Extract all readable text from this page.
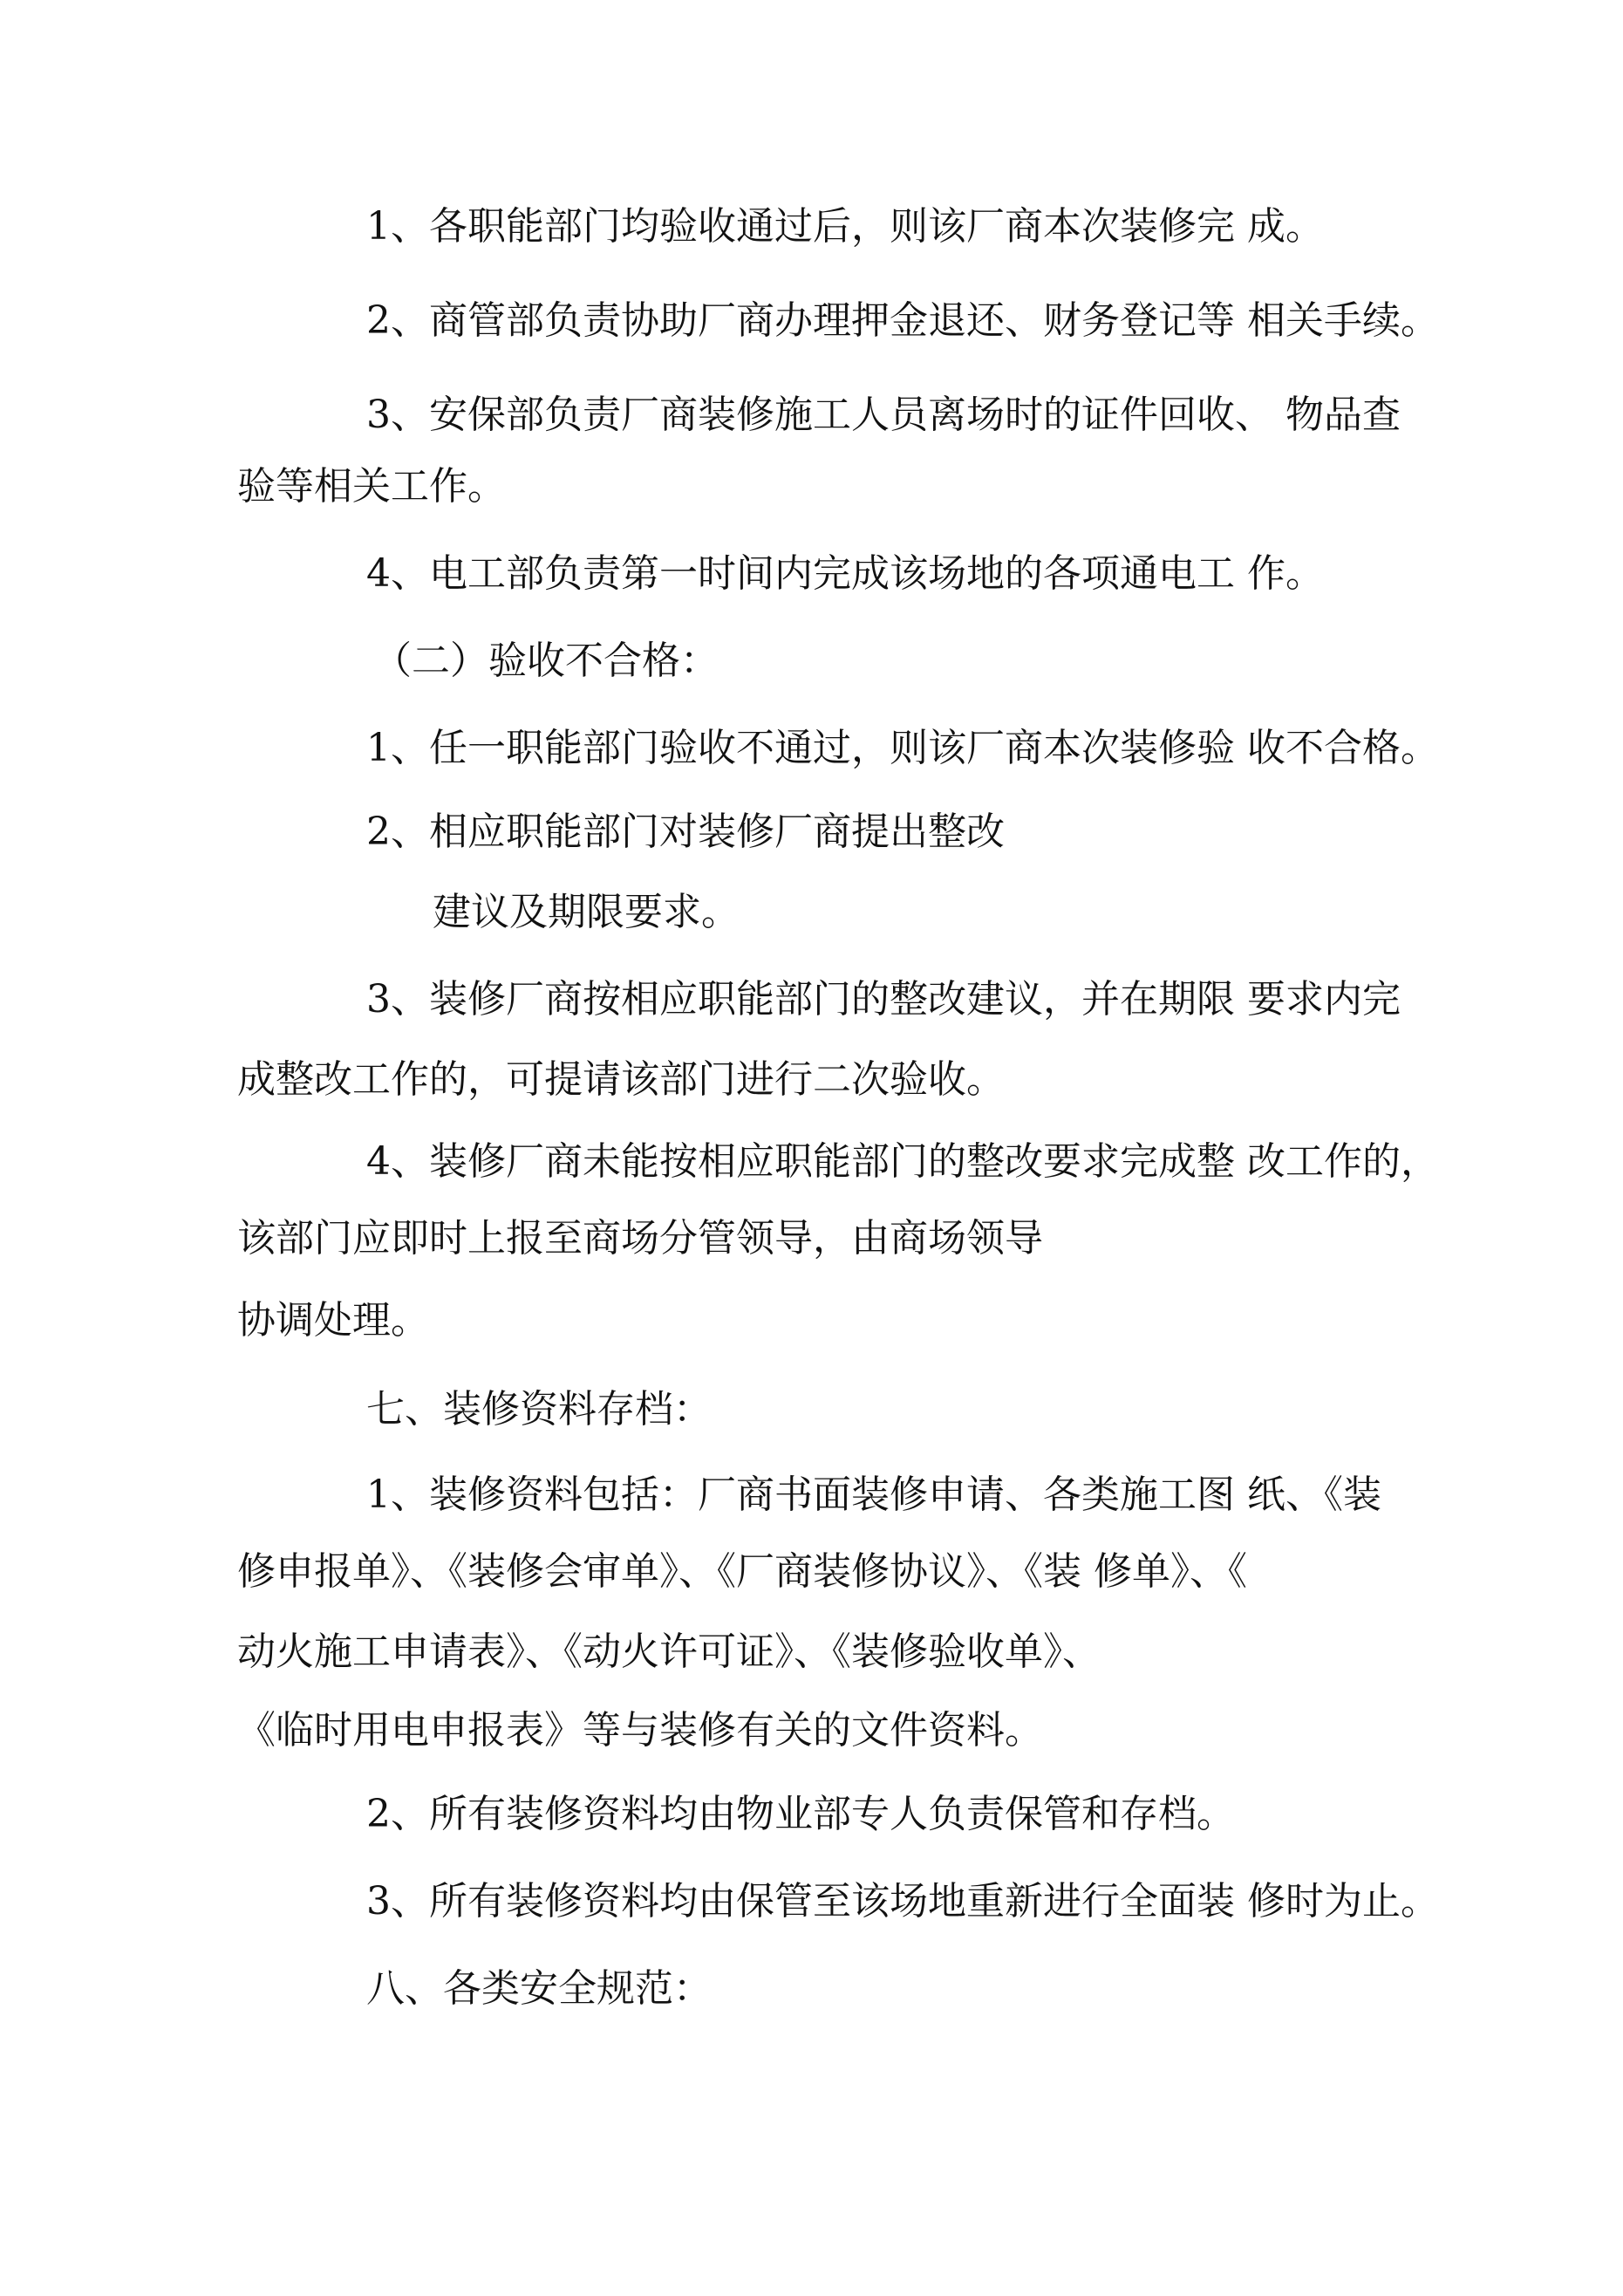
1、各职能部门均验收通过后，则该厂商本次装修完 成。
2、商管部负责协助厂商办理押金退还、财务登记等 相关手续。
3、安保部负责厂商装修施工人员离场时的证件回收、 物品查
验等相关工作。
4、电工部负责第一时间内完成该场地的各项通电工 作。
（二）验收不合格：
1、任一职能部门验收不通过，则该厂商本次装修验 收不合格。
2、相应职能部门对装修厂商提出整改
建议及期限要求。
3、装修厂商按相应职能部门的整改建议，并在期限 要求内完
成整改工作的，可提请该部门进行二次验收。
4、装修厂商未能按相应职能部门的整改要求完成整 改工作的，
该部门应即时上报至商场分管领导，由商场领导
协调处理。
七、装修资料存档：
1、装修资料包括：厂商书面装修申请、各类施工图 纸、《装
修申报单》、《装修会审单》、《厂商装修协议》、《装 修单》、《
动火施工申请表》、《动火许可证》、《装修验收单》、
《临时用电申报表》等与装修有关的文件资料。
2、所有装修资料均由物业部专人负责保管和存档。
3、所有装修资料均由保管至该场地重新进行全面装 修时为止。
八、各类安全规范：
